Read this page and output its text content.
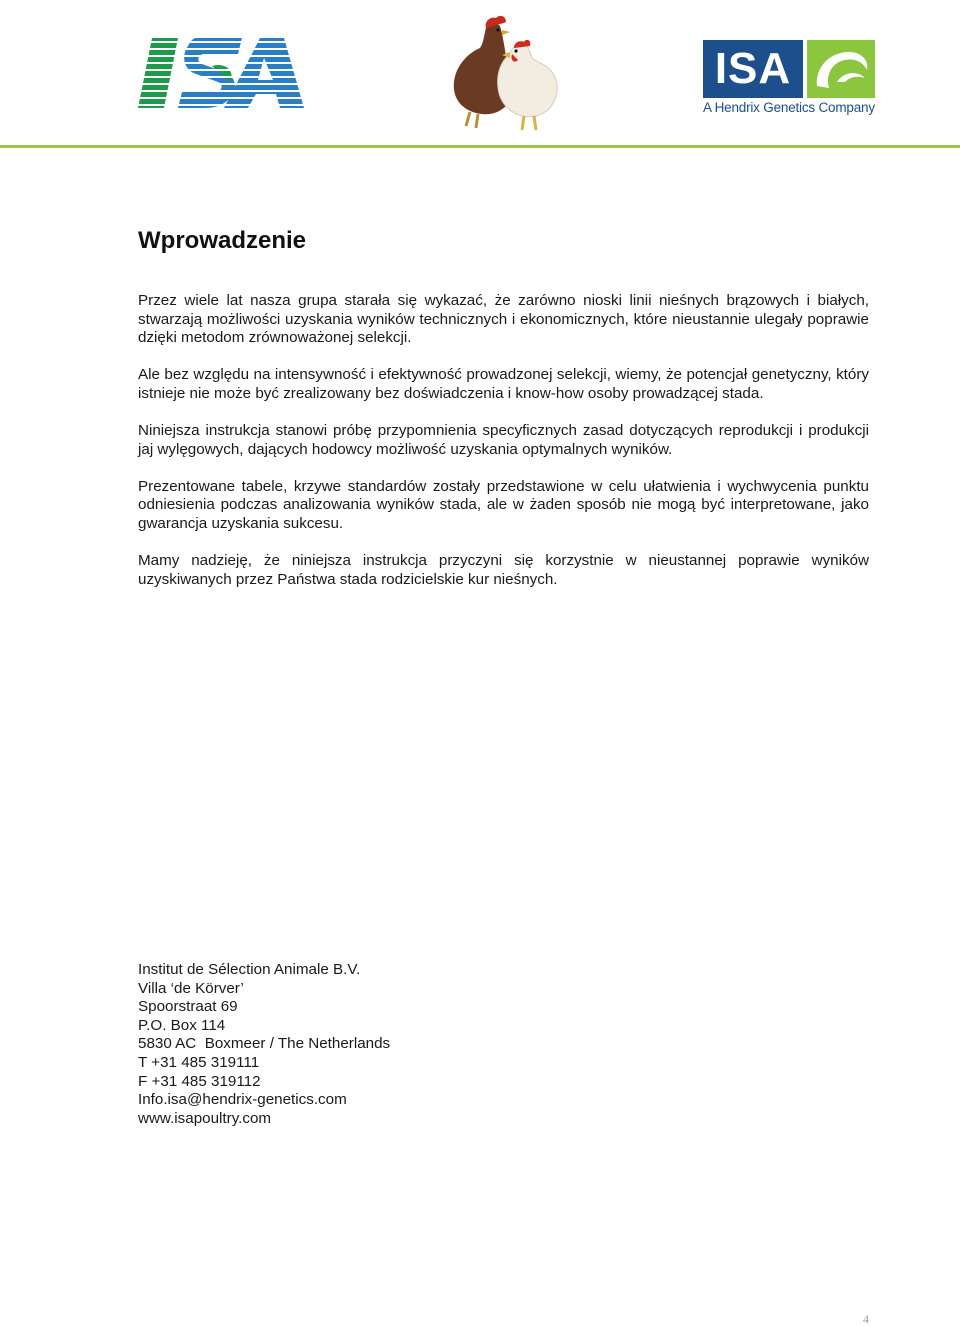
ISA
A Hendrix Genetics Company
Wprowadzenie

Przez wiele lat nasza grupa starała się wykazać, że zarówno nioski linii nieśnych brązowych i białych, stwarzają możliwości uzyskania wyników technicznych i ekonomicznych, które nieustannie ulegały poprawie dzięki metodom zrównoważonej selekcji.

Ale bez względu na intensywność i efektywność prowadzonej selekcji, wiemy, że potencjał genetyczny, który istnieje nie może być zrealizowany bez doświadczenia i know-how osoby prowadzącej stada.

Niniejsza instrukcja stanowi próbę przypomnienia specyficznych zasad dotyczących reprodukcji i produkcji jaj wylęgowych, dających hodowcy możliwość uzyskania optymalnych wyników.

Prezentowane tabele, krzywe standardów zostały przedstawione w celu ułatwienia i wychwycenia punktu odniesienia podczas analizowania wyników stada, ale w żaden sposób nie mogą być interpretowane, jako gwarancja uzyskania sukcesu.

Mamy nadzieję, że niniejsza instrukcja przyczyni się korzystnie w nieustannej poprawie wyników uzyskiwanych przez Państwa stada rodzicielskie kur nieśnych.

Institut de Sélection Animale B.V.
Villa ‘de Körver’
Spoorstraat 69
P.O. Box 114
5830 AC  Boxmeer / The Netherlands
T +31 485 319111
F +31 485 319112
Info.isa@hendrix-genetics.com
www.isapoultry.com
4
